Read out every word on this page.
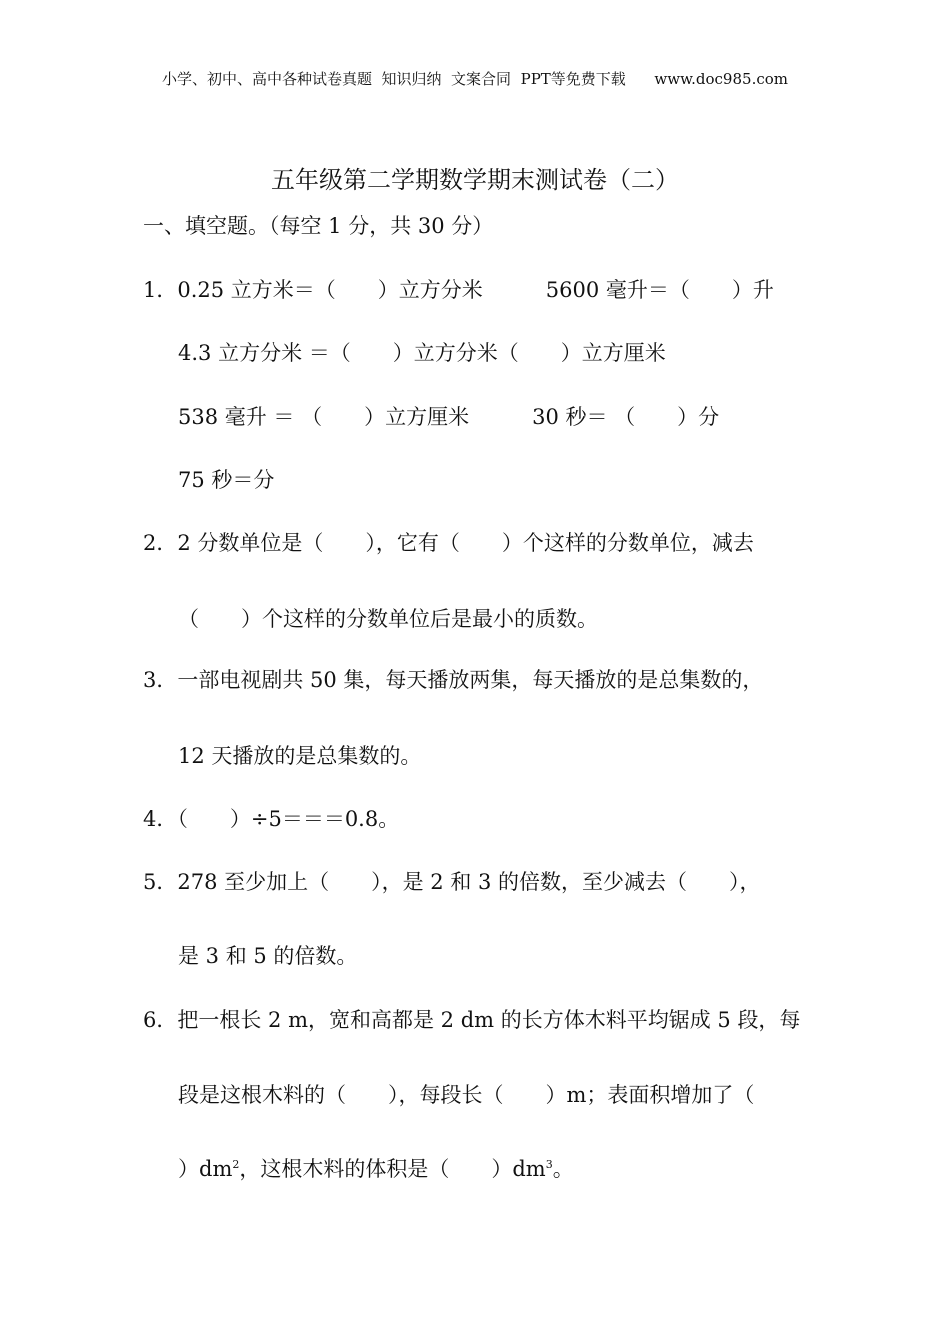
小学、初中、高中各种试卷真题  知识归纳  文案合同  PPT等免费下载      www.doc985.com
五年级第二学期数学期末测试卷（二）
一、填空题。（每空 1 分，共 30 分）
1．0.25 立方米＝（　　）立方分米　　　5600 毫升＝（　　）升
4.3 立方分米 ＝（　　）立方分米（　　）立方厘米
538 毫升 ＝ （　　）立方厘米　　　30 秒＝ （　　）分
75 秒＝分
2．2 分数单位是（　　），它有（　　）个这样的分数单位，减去
（　　）个这样的分数单位后是最小的质数。
3．一部电视剧共 50 集，每天播放两集，每天播放的是总集数的，
12 天播放的是总集数的。
4．（　　）÷5＝＝＝0.8。
5．278 至少加上（　　），是 2 和 3 的倍数，至少减去（　　），
是 3 和 5 的倍数。
6．把一根长 2 m，宽和高都是 2 dm 的长方体木料平均锯成 5 段，每
段是这根木料的（　　），每段长（　　）m；表面积增加了（
）$dm^2$，这根木料的体积是（　　）$dm^3$。
